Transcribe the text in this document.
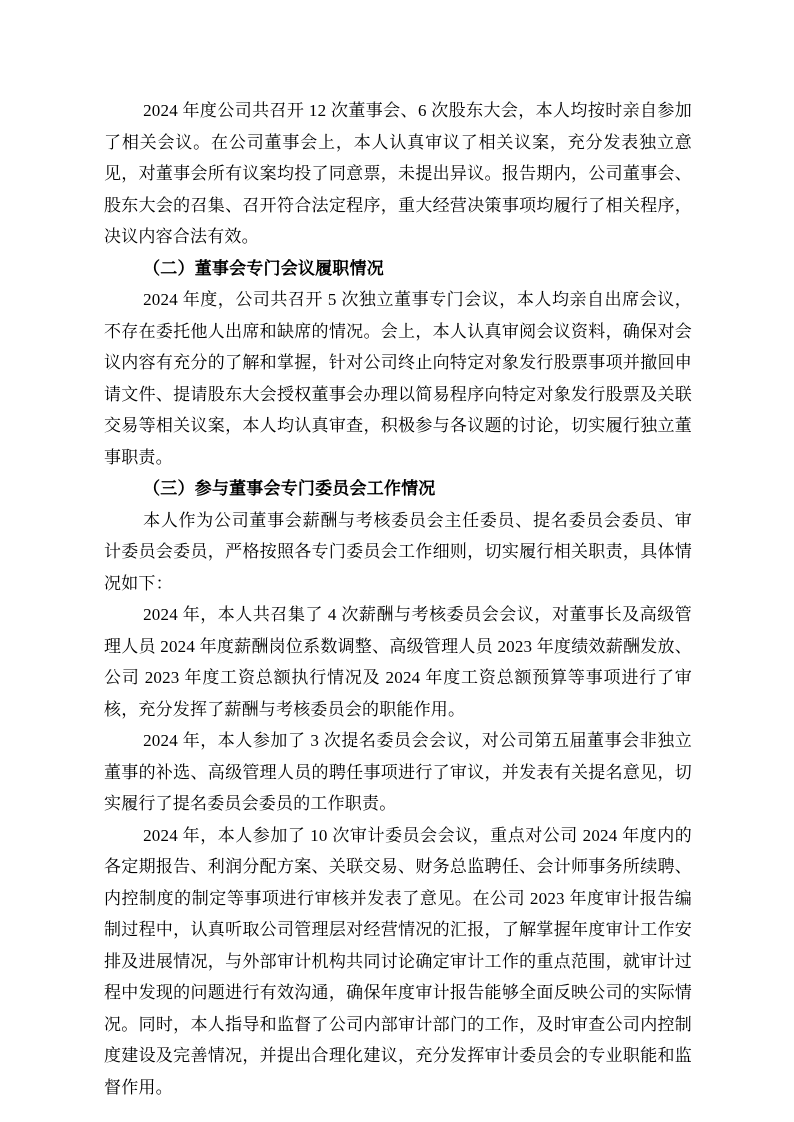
2024 年度公司共召开 12 次董事会、6 次股东大会，本人均按时亲自参加了相关会议。在公司董事会上，本人认真审议了相关议案，充分发表独立意见，对董事会所有议案均投了同意票，未提出异议。报告期内，公司董事会、股东大会的召集、召开符合法定程序，重大经营决策事项均履行了相关程序，决议内容合法有效。

（二）董事会专门会议履职情况

2024 年度，公司共召开 5 次独立董事专门会议，本人均亲自出席会议，不存在委托他人出席和缺席的情况。会上，本人认真审阅会议资料，确保对会议内容有充分的了解和掌握，针对公司终止向特定对象发行股票事项并撤回申请文件、提请股东大会授权董事会办理以简易程序向特定对象发行股票及关联交易等相关议案，本人均认真审查，积极参与各议题的讨论，切实履行独立董事职责。

（三）参与董事会专门委员会工作情况

本人作为公司董事会薪酬与考核委员会主任委员、提名委员会委员、审计委员会委员，严格按照各专门委员会工作细则，切实履行相关职责，具体情况如下：

2024 年，本人共召集了 4 次薪酬与考核委员会会议，对董事长及高级管理人员 2024 年度薪酬岗位系数调整、高级管理人员 2023 年度绩效薪酬发放、公司 2023 年度工资总额执行情况及 2024 年度工资总额预算等事项进行了审核，充分发挥了薪酬与考核委员会的职能作用。

2024 年，本人参加了 3 次提名委员会会议，对公司第五届董事会非独立董事的补选、高级管理人员的聘任事项进行了审议，并发表有关提名意见，切实履行了提名委员会委员的工作职责。

2024 年，本人参加了 10 次审计委员会会议，重点对公司 2024 年度内的各定期报告、利润分配方案、关联交易、财务总监聘任、会计师事务所续聘、内控制度的制定等事项进行审核并发表了意见。在公司 2023 年度审计报告编制过程中，认真听取公司管理层对经营情况的汇报，了解掌握年度审计工作安排及进展情况，与外部审计机构共同讨论确定审计工作的重点范围，就审计过程中发现的问题进行有效沟通，确保年度审计报告能够全面反映公司的实际情况。同时，本人指导和监督了公司内部审计部门的工作，及时审查公司内控制度建设及完善情况，并提出合理化建议，充分发挥审计委员会的专业职能和监督作用。
